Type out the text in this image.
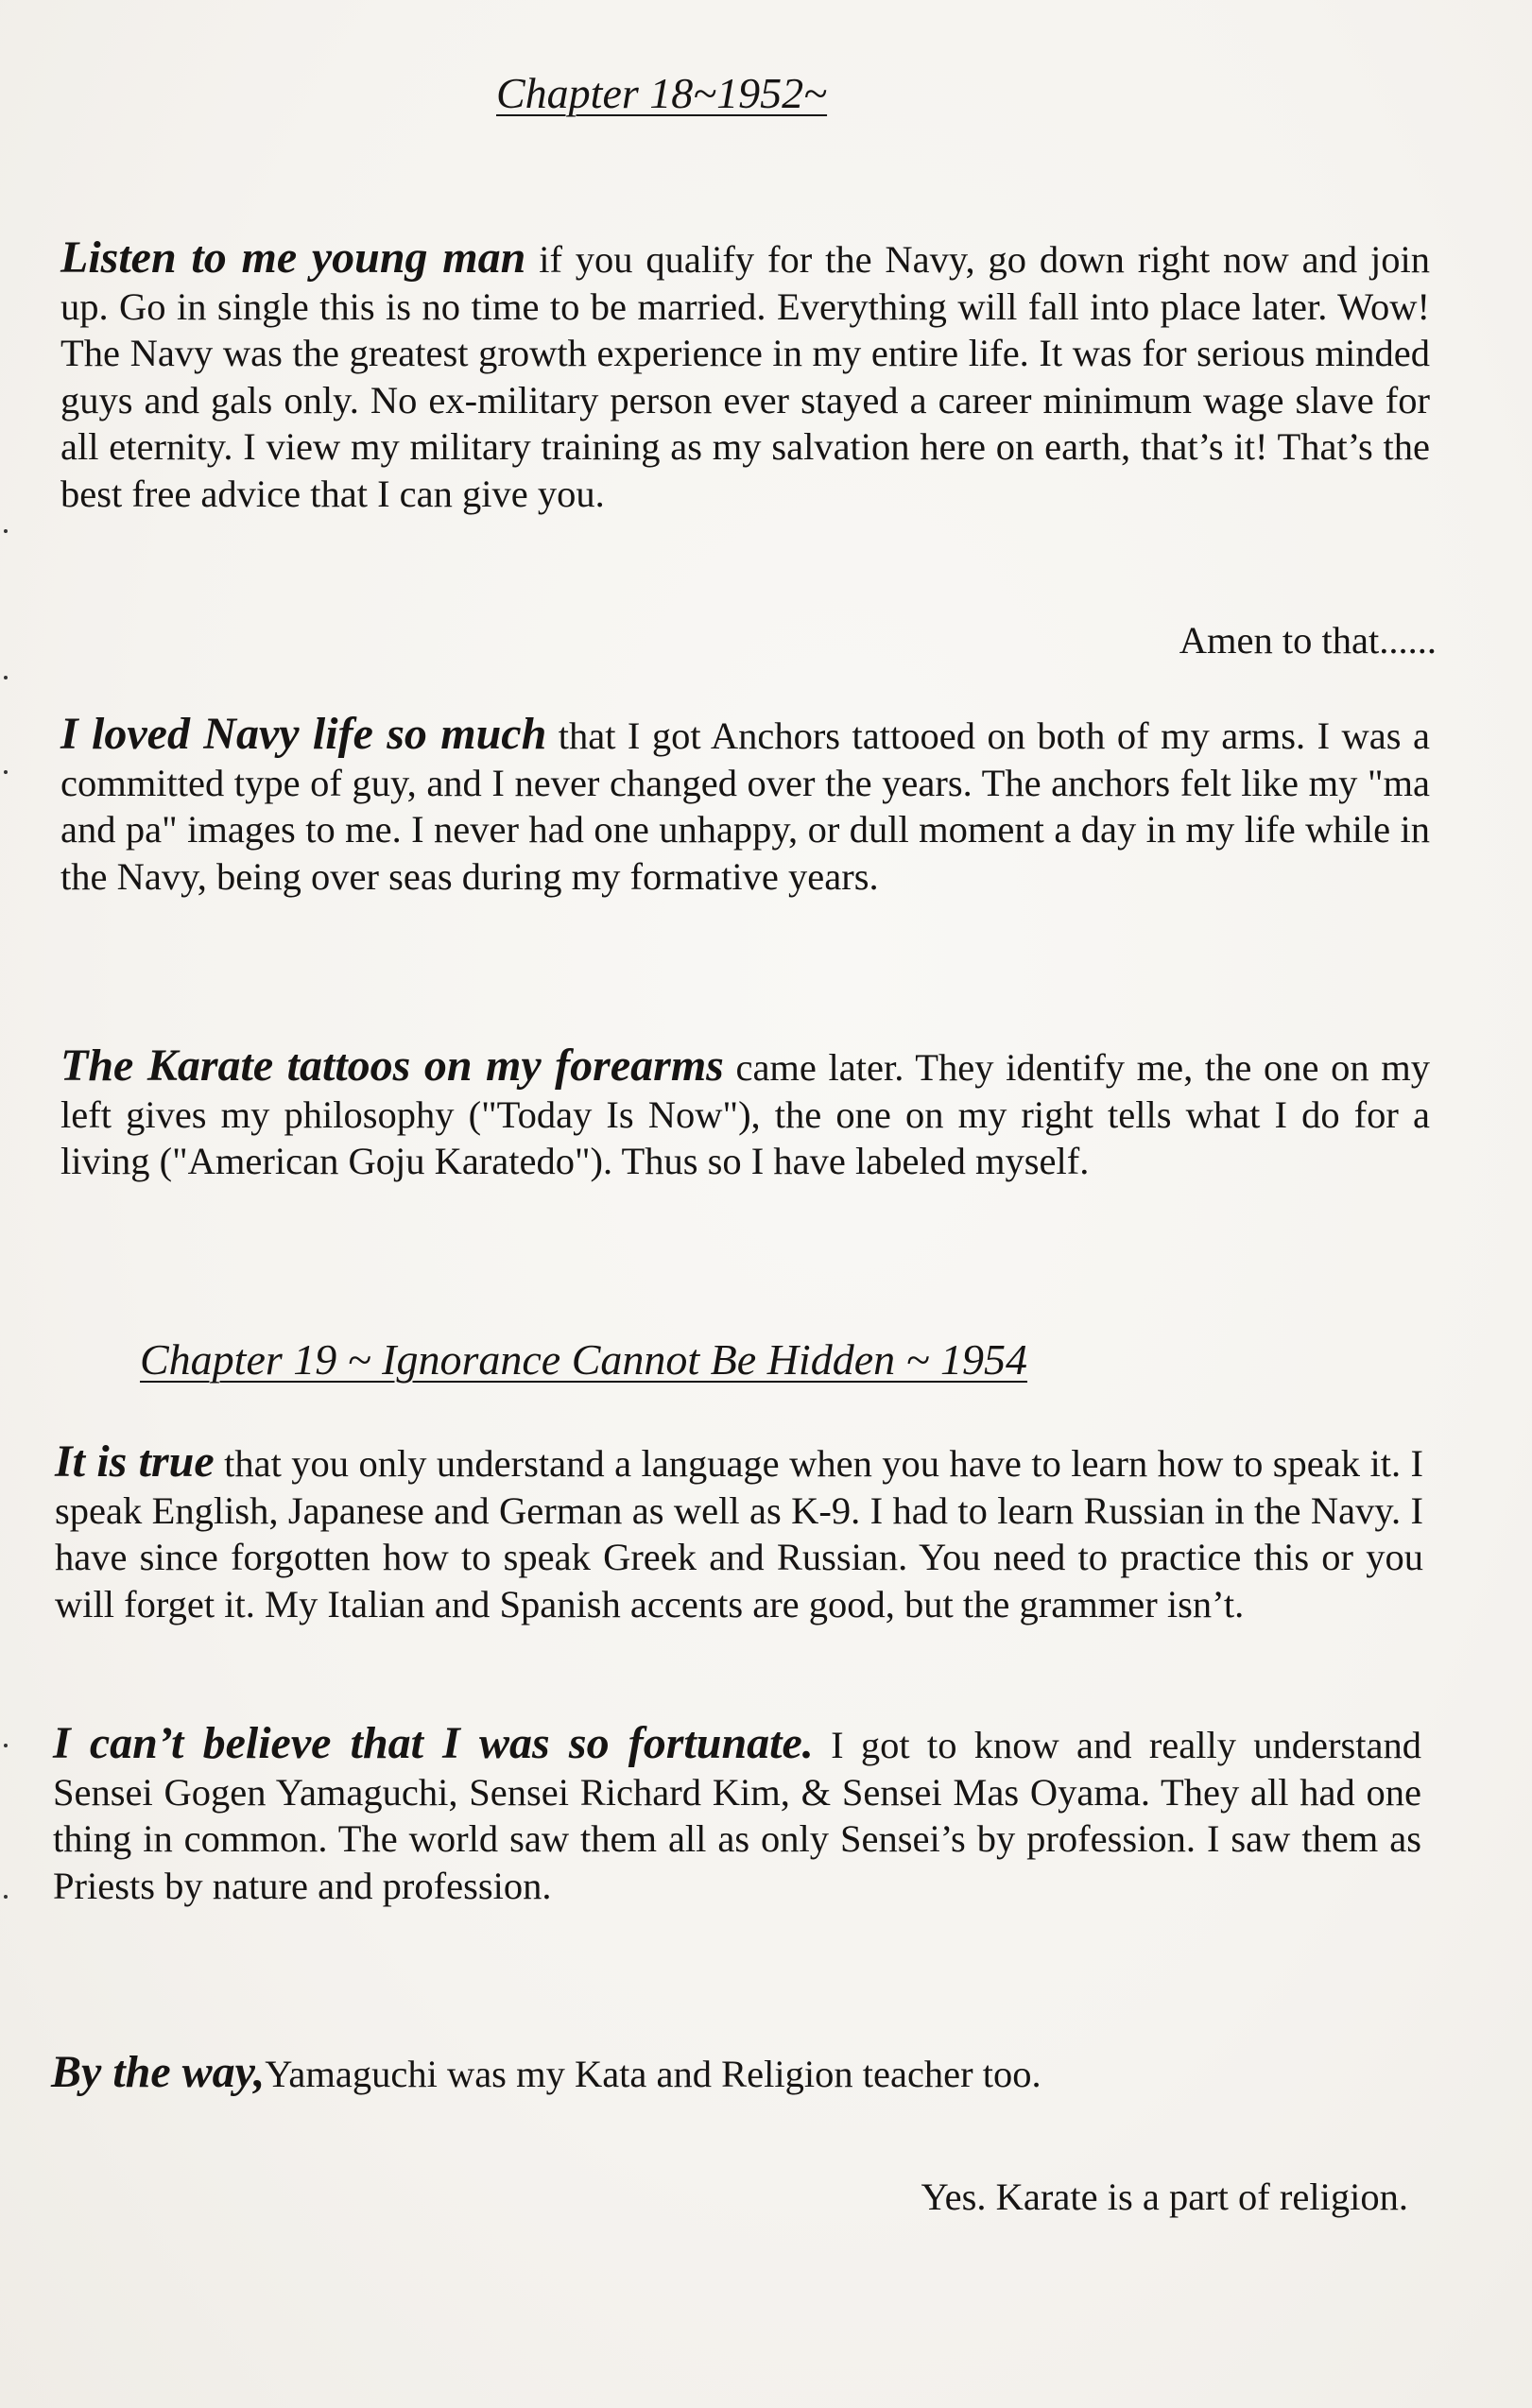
Chapter 18~1952~

Listen to me young man if you qualify for the Navy, go down right now and join up. Go in single this is no time to be married. Everything will fall into place later. Wow! The Navy was the greatest growth experience in my entire life. It was for serious minded guys and gals only. No ex-military person ever stayed a career minimum wage slave for all eternity. I view my military training as my salvation here on earth, that’s it! That’s the best free advice that I can give you.

Amen to that......

I loved Navy life so much that I got Anchors tattooed on both of my arms. I was a committed type of guy, and I never changed over the years. The anchors felt like my "ma and pa" images to me. I never had one unhappy, or dull moment a day in my life while in the Navy, being over seas during my formative years.

The Karate tattoos on my forearms came later. They identify me, the one on my left gives my philosophy ("Today Is Now"), the one on my right tells what I do for a living ("American Goju Karatedo"). Thus so I have labeled myself.

Chapter 19 ~ Ignorance Cannot Be Hidden ~ 1954

It is true that you only understand a language when you have to learn how to speak it. I speak English, Japanese and German as well as K-9. I had to learn Russian in the Navy. I have since forgotten how to speak Greek and Russian. You need to practice this or you will forget it. My Italian and Spanish accents are good, but the grammer isn’t.

I can’t believe that I was so fortunate. I got to know and really understand Sensei Gogen Yamaguchi, Sensei Richard Kim, & Sensei Mas Oyama. They all had one thing in common. The world saw them all as only Sensei’s by profession. I saw them as Priests by nature and profession.

By the way,Yamaguchi was my Kata and Religion teacher too.

Yes. Karate is a part of religion.
